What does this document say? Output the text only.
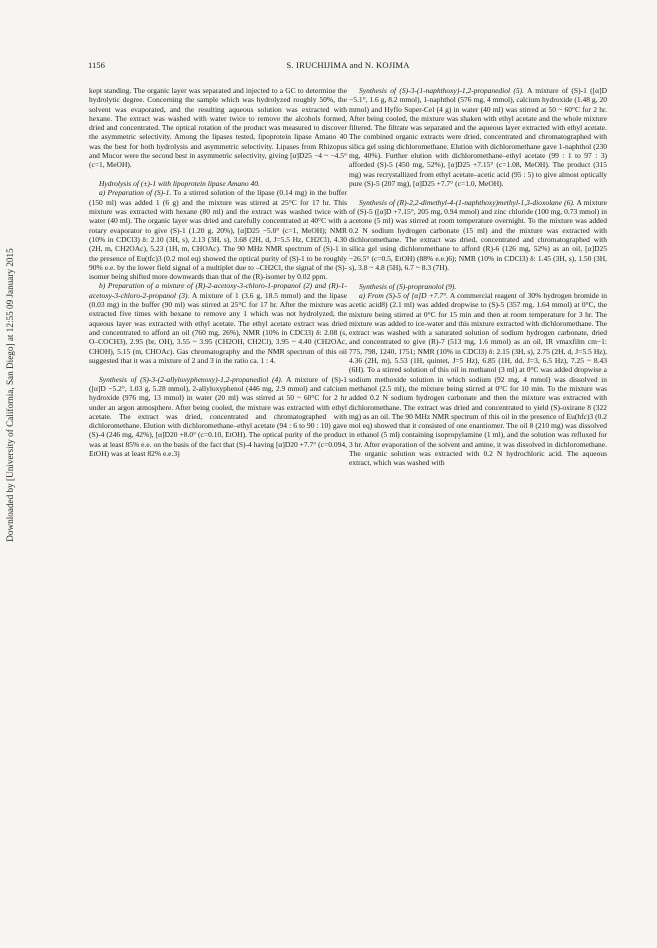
1156	S. IRUCHIJIMA and N. KOJIMA
Downloaded by [University of California, San Diego] at 12:55 09 January 2015

kept standing. The organic layer was separated and injected to a GC to determine the hydrolytic degree. Concerning the sample which was hydrolyzed roughly 50%, the solvent was evaporated, and the resulting aqueous solution was extracted with hexane. The extract was washed with water twice to remove the alcohols formed, dried and concentrated. The optical rotation of the product was measured to discover the asymmetric selectivity. Among the lipases tested, lipoprotein lipase Amano 40 was the best for both hydrolysis and asymmetric selectivity. Lipases from Rhizopus and Mucor were the second best in asymmetric selectivity, giving [α]D25 −4 ~ −4.5° (c=1, MeOH).

Hydrolysis of (±)-1 with lipoprotein lipase Amano 40.

a) Preparation of (S)-1. To a stirred solution of the lipase (0.14 mg) in the buffer (150 ml) was added 1 (6 g) and the mixture was stirred at 25°C for 17 hr. This mixture was extracted with hexane (80 ml) and the extract was washed twice with water (40 ml). The organic layer was dried and carefully concentrated at 40°C with a rotary evaporator to give (S)-1 (1.20 g, 20%), [α]D25 −5.0° (c=1, MeOH); NMR (10% in CDCl3) δ: 2.10 (3H, s), 2.13 (3H, s), 3.68 (2H, d, J=5.5 Hz, CH2Cl), 4.30 (2H, m, CH2OAc), 5.23 (1H, m, CHOAc). The 90 MHz NMR spectrum of (S)-1 in the presence of Eu(tfc)3 (0.2 mol eq) showed the optical purity of (S)-1 to be roughly 90% e.e. by the lower field signal of a multiplet due to –CH2Cl, the signal of the (S)-isomer being shifted more downwards than that of the (R)-isomer by 0.02 ppm.

b) Preparation of a mixture of (R)-2-acetoxy-3-chloro-1-propanol (2) and (R)-1-acetoxy-3-chloro-2-propanol (3). A mixture of 1 (3.6 g, 18.5 mmol) and the lipase (0.03 mg) in the buffer (90 ml) was stirred at 25°C for 17 hr. After the mixture was extracted five times with hexane to remove any 1 which was not hydrolyzed, the aqueous layer was extracted with ethyl acetate. The ethyl acetate extract was dried and concentrated to afford an oil (760 mg, 26%), NMR (10% in CDCl3) δ: 2.08 (s, O–COCH3), 2.95 (br, OH), 3.55 ~ 3.95 (CH2OH, CH2Cl), 3.95 ~ 4.40 (CH2OAc, CHOH), 5.15 (m, CHOAc). Gas chromatography and the NMR spectrum of this oil suggested that it was a mixture of 2 and 3 in the ratio ca. 1 : 4.

Synthesis of (S)-3-(2-allyloxyphenoxy)-1,2-propanediol (4). A mixture of (S)-1 ([α]D −5.2°, 1.03 g, 5.28 mmol), 2-allyloxyphenol (446 mg, 2.9 mmol) and calcium hydroxide (976 mg, 13 mmol) in water (20 ml) was stirred at 50 ~ 60°C for 2 hr under an argon atmosphere. After being cooled, the mixture was extracted with ethyl acetate. The extract was dried, concentrated and chromatographed with dichloromethane. Elution with dichloromethane–ethyl acetate (94 : 6 to 90 : 10) gave (S)-4 (246 mg, 42%), [α]D20 +8.0° (c=0.10, EtOH). The optical purity of the product was at least 85% e.e. on the basis of the fact that (S)-4 having [α]D20 +7.7° (c=0.094, EtOH) was at least 82% e.e.3)

Synthesis of (S)-3-(1-naphthoxy)-1,2-propanediol (5). A mixture of (S)-1 ([α]D −5.1°, 1.6 g, 8.2 mmol), 1-naphthol (576 mg, 4 mmol), calcium hydroxide (1.48 g, 20 mmol) and Hyflo Super-Cel (4 g) in water (40 ml) was stirred at 50 ~ 60°C for 2 hr. After being cooled, the mixture was shaken with ethyl acetate and the whole mixture filtered. The filtrate was separated and the aqueous layer extracted with ethyl acetate. The combined organic extracts were dried, concentrated and chromatographed with silica gel using dichloromethane. Elution with dichloromethane gave 1-naphthol (230 mg, 40%). Further elution with dichloromethane–ethyl acetate (99 : 1 to 97 : 3) afforded (S)-5 (450 mg, 52%), [α]D25 +7.15° (c=1.08, MeOH). The product (315 mg) was recrystallized from ethyl acetate–acetic acid (95 : 5) to give almost optically pure (S)-5 (207 mg), [α]D25 +7.7° (c=1.0, MeOH).

Synthesis of (R)-2,2-dimethyl-4-(1-naphthoxy)methyl-1,3-dioxolane (6). A mixture of (S)-5 ([α]D +7.15°, 205 mg, 0.94 mmol) and zinc chloride (100 mg, 0.73 mmol) in acetone (5 ml) was stirred at room temperature overnight. To the mixture was added 0.2 N sodium hydrogen carbonate (15 ml) and the mixture was extracted with dichloromethane. The extract was dried, concentrated and chromatographed with silica gel using dichloromethane to afford (R)-6 (126 mg, 52%) as an oil, [α]D25 −26.5° (c=0.5, EtOH) (88% e.e.)6); NMR (10% in CDCl3) δ: 1.45 (3H, s), 1.50 (3H, s), 3.8 ~ 4.8 (5H), 6.7 ~ 8.3 (7H).

Synthesis of (S)-propranolol (9).

a) From (S)-5 of [α]D +7.7°. A commercial reagent of 30% hydrogen bromide in acetic acid8) (2.1 ml) was added dropwise to (S)-5 (357 mg, 1.64 mmol) at 0°C, the mixture being stirred at 0°C for 15 min and then at room temperature for 3 hr. The mixture was added to ice-water and this mixture extracted with dichloromethane. The extract was washed with a saturated solution of sodium hydrogen carbonate, dried and concentrated to give (R)-7 (513 mg, 1.6 mmol) as an oil, IR νmaxfilm cm−1: 775, 798, 1240, 1751; NMR (10% in CDCl3) δ: 2.15 (3H, s), 2.75 (2H, d, J=5.5 Hz), 4.36 (2H, m), 5.53 (1H, quintet, J=5 Hz), 6.85 (1H, dd, J=3, 6.5 Hz), 7.25 ~ 8.43 (6H). To a stirred solution of this oil in methanol (3 ml) at 0°C was added dropwise a sodium methoxide solution in which sodium (92 mg, 4 mmol) was dissolved in methanol (2.5 ml), the mixture being stirred at 0°C for 10 min. To the mixture was added 0.2 N sodium hydrogen carbonate and then the mixture was extracted with dichloromethane. The extract was dried and concentrated to yield (S)-oxirane 8 (322 mg) as an oil. The 90 MHz NMR spectrum of this oil in the presence of Eu(hfc)3 (0.2 mol eq) showed that it consisted of one enantiomer. The oil 8 (210 mg) was dissolved in ethanol (5 ml) containing isopropylamine (1 ml), and the solution was refluxed for 3 hr. After evaporation of the solvent and amine, it was dissolved in dichloromethane. The organic solution was extracted with 0.2 N hydrochloric acid. The aqueous extract, which was washed with
